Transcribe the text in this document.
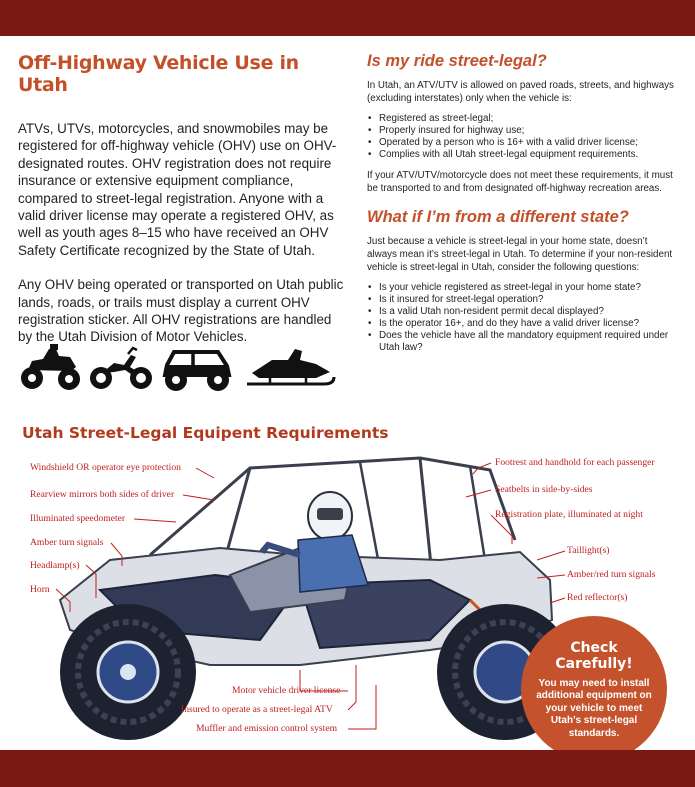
Off-Highway Vehicle Use in Utah

ATVs, UTVs, motorcycles, and snowmobiles may be registered for off-highway vehicle (OHV) use on OHV-designated routes. OHV registration does not require insurance or extensive equipment compliance, compared to street-legal registration. Anyone with a valid driver license may operate a registered OHV, as well as youth ages 8–15 who have received an OHV Safety Certificate recognized by the State of Utah.

Any OHV being operated or transported on Utah public lands, roads, or trails must display a current OHV registration sticker. All OHV registrations are handled by the Utah Division of Motor Vehicles.

Is my ride street-legal?

In Utah, an ATV/UTV is allowed on paved roads, streets, and highways (excluding interstates) only when the vehicle is:

• Registered as street-legal;
• Properly insured for highway use;
• Operated by a person who is 16+ with a valid driver license;
• Complies with all Utah street-legal equipment requirements.

If your ATV/UTV/motorcycle does not meet these requirements, it must be transported to and from designated off-highway recreation areas.

What if I’m from a different state?

Just because a vehicle is street-legal in your home state, doesn’t always mean it’s street-legal in Utah. To determine if your non-resident vehicle is street-legal in Utah, consider the following questions:

• Is your vehicle registered as street-legal in your home state?
• Is it insured for street-legal operation?
• Is a valid Utah non-resident permit decal displayed?
• Is the operator 16+, and do they have a valid driver license?
• Does the vehicle have all the mandatory equipment required under Utah law?
Utah Street-Legal Equipent Requirements
Windshield OR operator eye protection
Rearview mirrors both sides of driver
Illuminated speedometer
Amber turn signals
Headlamp(s)
Horn
Footrest and handhold for each passenger
Seatbelts in side-by-sides
Registration plate, illuminated at night
Taillight(s)
Amber/red turn signals
Red reflector(s)
Motor vehicle driver license
Insured to operate as a street-legal ATV
Muffler and emission control system
Check
Carefully!
You may need to install additional equipment on your vehicle to meet Utah’s street-legal standards.
